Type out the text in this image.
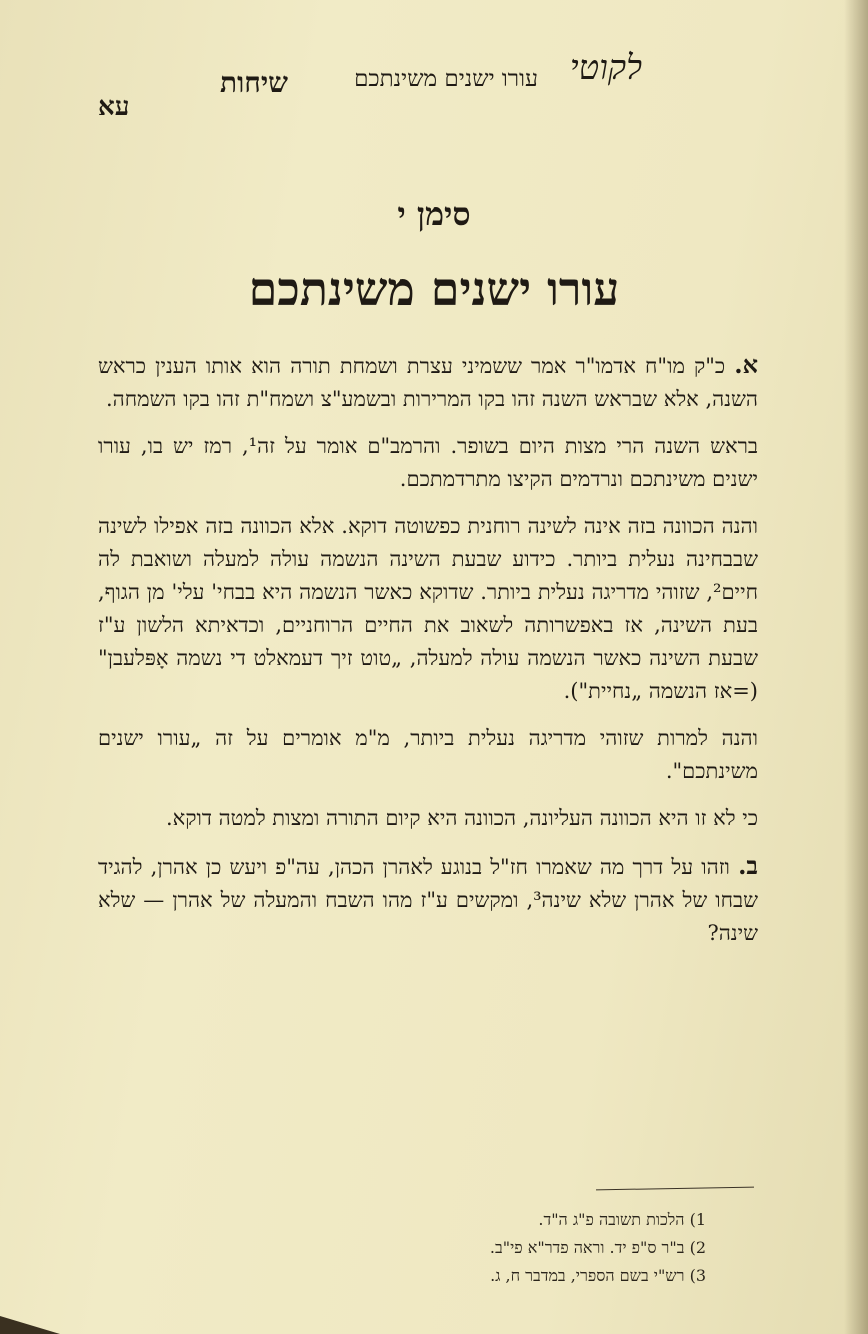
לקוטי
עורו ישנים משינתכם
שיחות
עא
סימן י
עורו ישנים משינתכם

א. כ"ק מו"ח אדמו"ר אמר ששמיני עצרת ושמחת תורה הוא אותו הענין כראש השנה, אלא שבראש השנה זהו בקו המרירות ובשמע"צ ושמח"ת זהו בקו השמחה.

בראש השנה הרי מצות היום בשופר. והרמב"ם אומר על זה¹, רמז יש בו, עורו ישנים משינתכם ונרדמים הקיצו מתרדמתכם.

והנה הכוונה בזה אינה לשינה רוחנית כפשוטה דוקא. אלא הכוונה בזה אפילו לשינה שבבחינה נעלית ביותר. כידוע שבעת השינה הנשמה עולה למעלה ושואבת לה חיים², שזוהי מדריגה נעלית ביותר. שדוקא כאשר הנשמה היא בבחי' עלי' מן הגוף, בעת השינה, אז באפשרותה לשאוב את החיים הרוחניים, וכדאיתא הלשון ע"ז שבעת השינה כאשר הנשמה עולה למעלה, „טוט זיך דעמאלט די נשמה אָפּלעבן" (=אז הנשמה „נחיית").

והנה למרות שזוהי מדריגה נעלית ביותר, מ"מ אומרים על זה „עורו ישנים משינתכם".

כי לא זו היא הכוונה העליונה, הכוונה היא קיום התורה ומצות למטה דוקא.

ב. וזהו על דרך מה שאמרו חז"ל בנוגע לאהרן הכהן, עה"פ ויעש כן אהרן, להגיד שבחו של אהרן שלא שינה³, ומקשים ע"ז מהו השבח והמעלה של אהרן — שלא שינה?

1) הלכות תשובה פ"ג ה"ד.
2) ב"ר ס"פ יד. וראה פדר"א פי"ב.
3) רש"י בשם הספרי, במדבר ח, ג.
